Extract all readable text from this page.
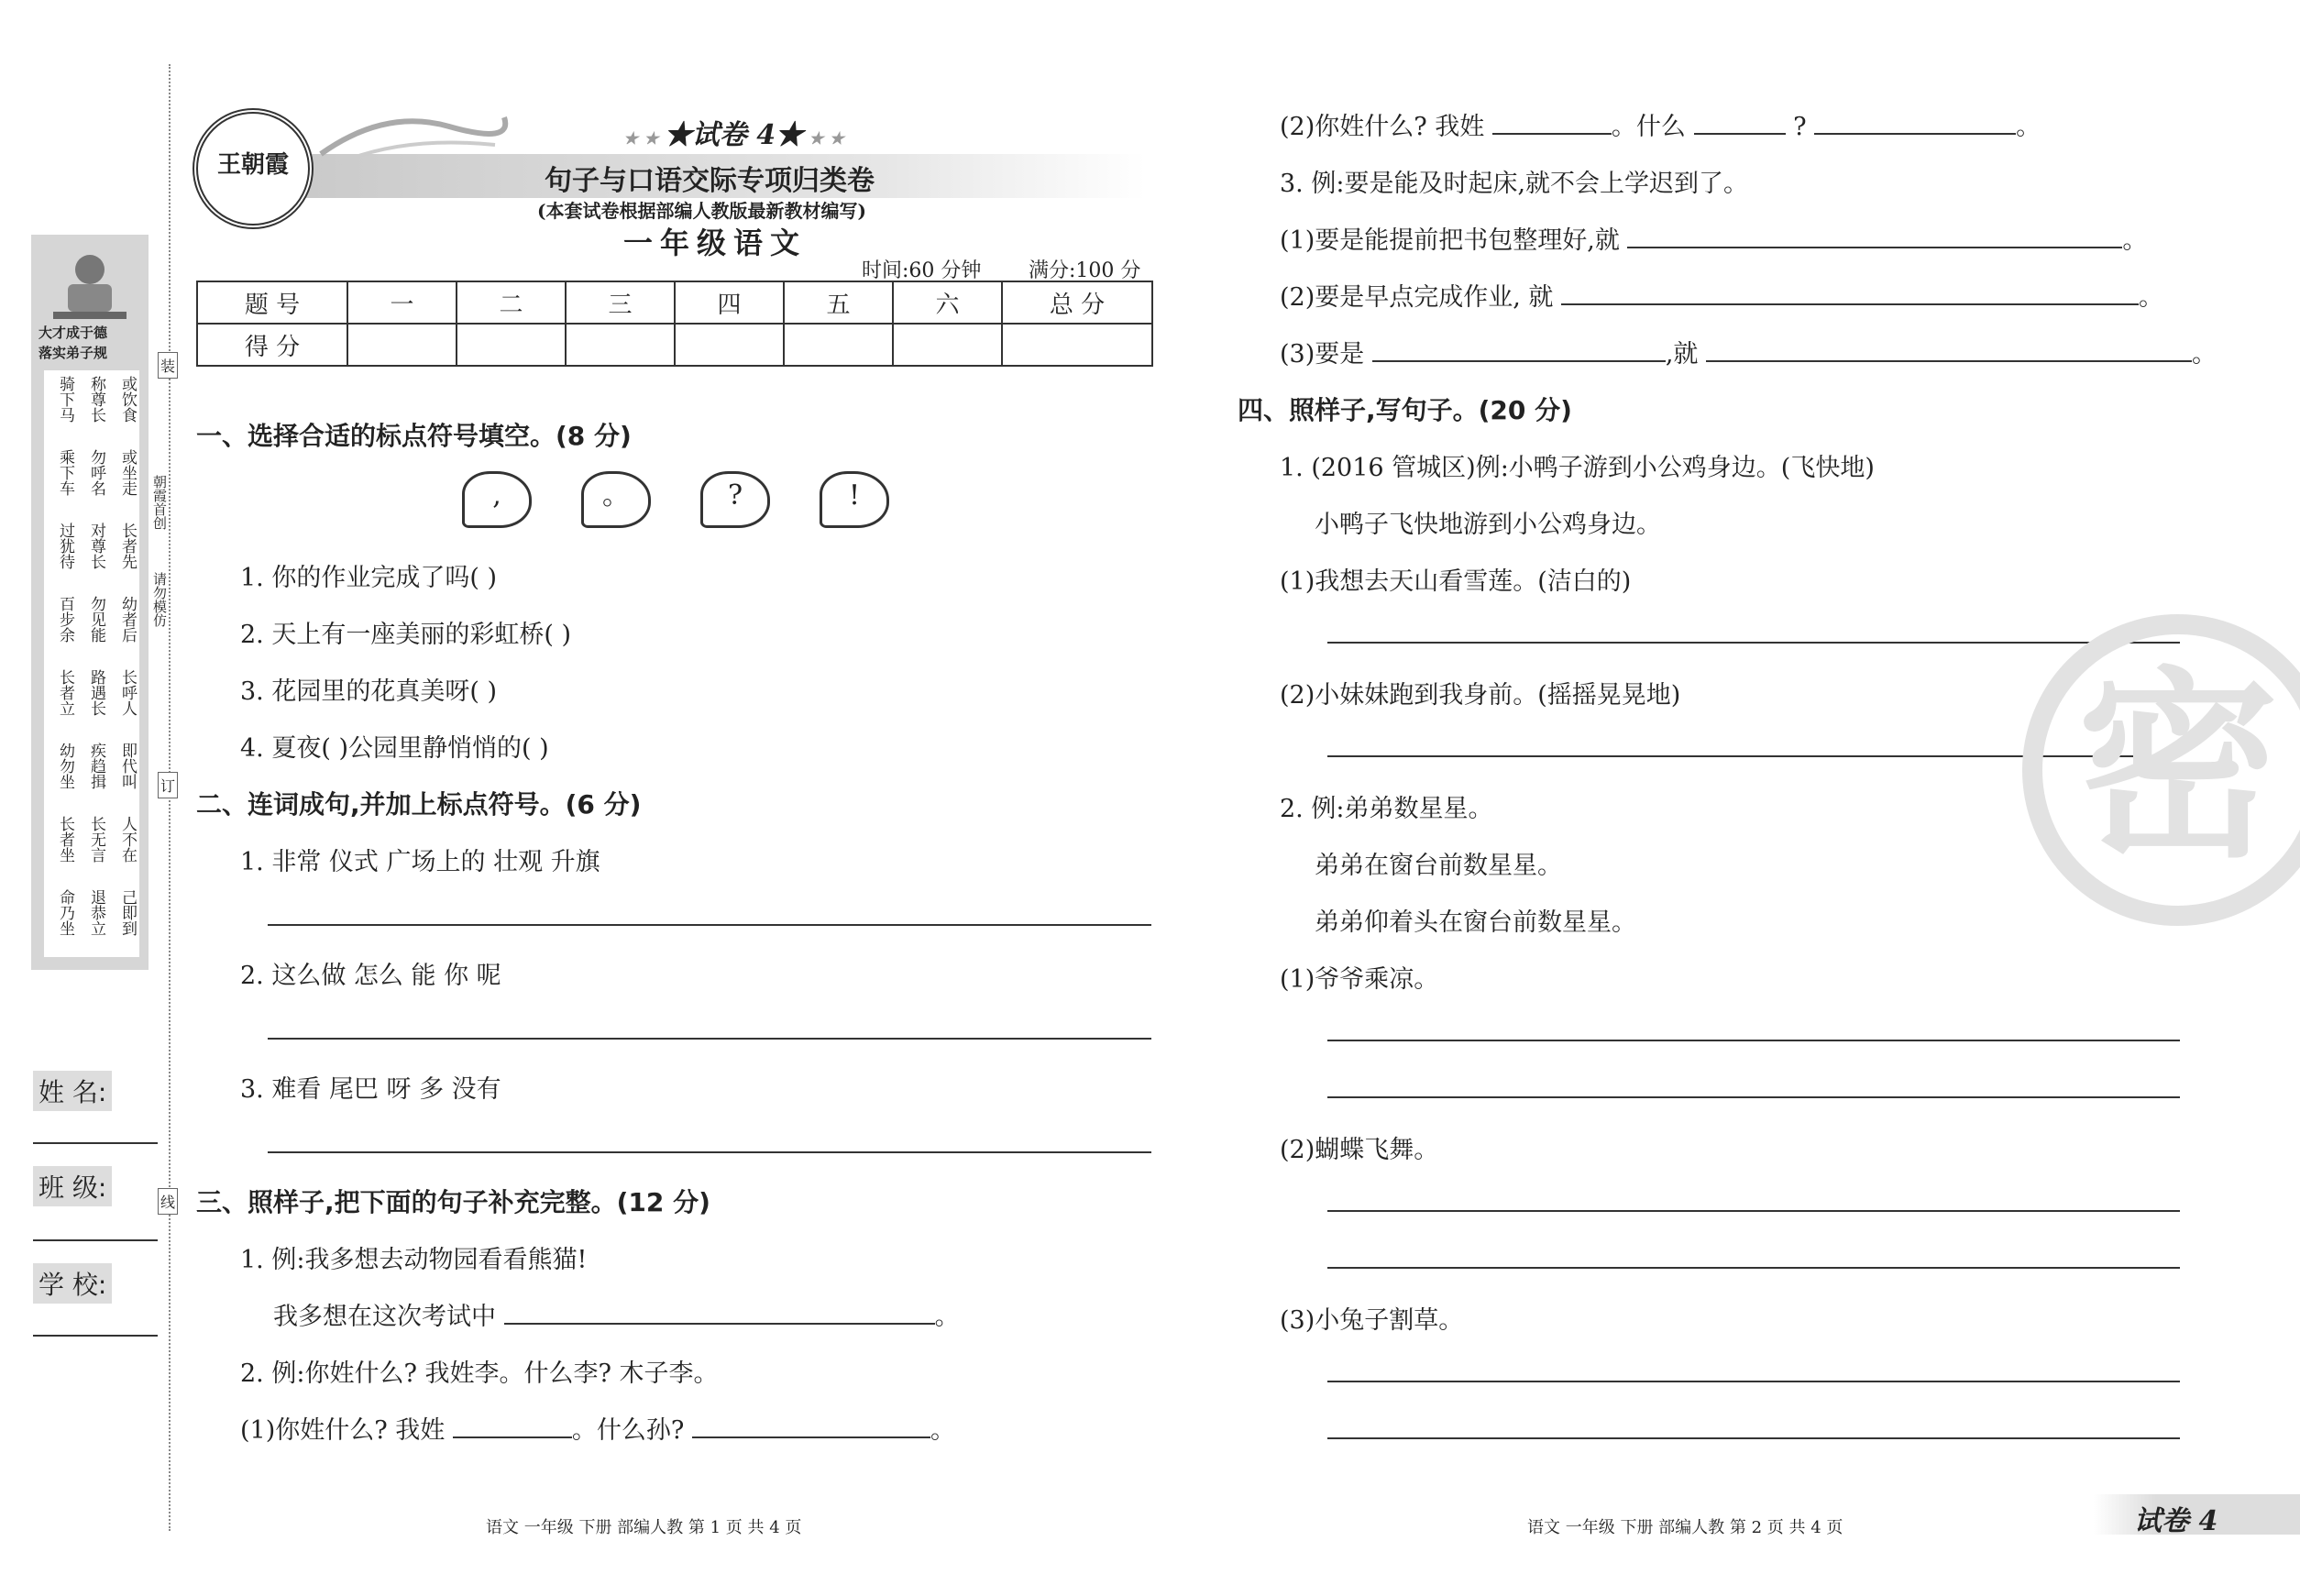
大才成于德
落实弟子规
骑下马
乘下车
过犹待
百步余
长者立
幼勿坐
长者坐
命乃坐
称尊长
勿呼名
对尊长
勿见能
路遇长
疾趋揖
长无言
退恭立
或饮食
或坐走
长者先
幼者后
长呼人
即代叫
人不在
己即到
朝霞首创
请勿模仿
装
订
线
姓 名:
班 级:
学 校:
王朝霞
★ ★ ★试卷 4★ ★ ★
句子与口语交际专项归类卷
(本套试卷根据部编人教版最新教材编写)
一年级语文
时间:60 分钟 满分:100 分
题 号	一	二	三	四	五	六	总 分
得 分							
一、选择合适的标点符号填空。(8 分)
,	。	?	!
1. 你的作业完成了吗( )
2. 天上有一座美丽的彩虹桥( )
3. 花园里的花真美呀( )
4. 夏夜( )公园里静悄悄的( )
二、连词成句,并加上标点符号。(6 分)
1. 非常 仪式 广场上的 壮观 升旗
2. 这么做 怎么 能 你 呢
3. 难看 尾巴 呀 多 没有
三、照样子,把下面的句子补充完整。(12 分)
1. 例:我多想去动物园看看熊猫!
我多想在这次考试中	。
2. 例:你姓什么? 我姓李。什么李? 木子李。
(1)你姓什么? 我姓	。什么孙?	。
语文 一年级 下册 部编人教 第 1 页 共 4 页
(2)你姓什么? 我姓	。什么	?	。
3. 例:要是能及时起床,就不会上学迟到了。
(1)要是能提前把书包整理好,就	。
(2)要是早点完成作业, 就	。
(3)要是	,就	。
四、照样子,写句子。(20 分)
1. (2016 管城区)例:小鸭子游到小公鸡身边。(飞快地)
小鸭子飞快地游到小公鸡身边。
(1)我想去天山看雪莲。(洁白的)
(2)小妹妹跑到我身前。(摇摇晃晃地)
2. 例:弟弟数星星。
弟弟在窗台前数星星。
弟弟仰着头在窗台前数星星。
(1)爷爷乘凉。
(2)蝴蝶飞舞。
(3)小兔子割草。
密
语文 一年级 下册 部编人教 第 2 页 共 4 页	试卷 4
